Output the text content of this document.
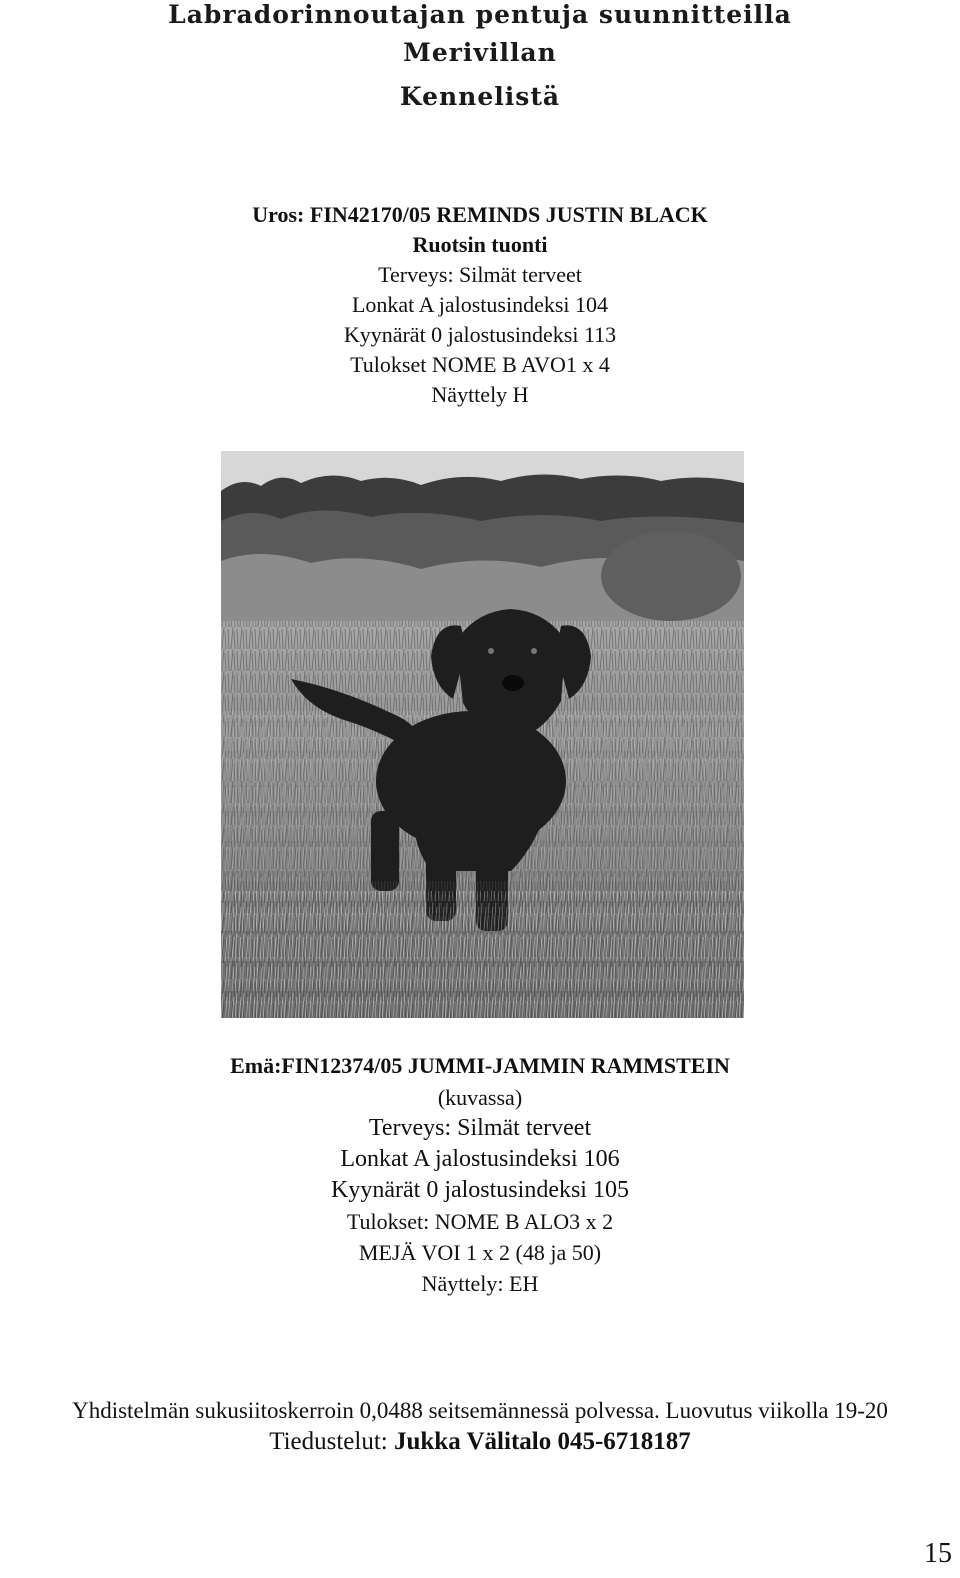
Labradorinnoutajan pentuja suunnitteilla
Merivillan
Kennelistä
Uros: FIN42170/05 REMINDS JUSTIN BLACK
Ruotsin tuonti
Terveys: Silmät terveet
Lonkat A jalostusindeksi 104
Kyynärät 0 jalostusindeksi 113
Tulokset NOME B AVO1 x 4
Näyttely H
Emä:FIN12374/05 JUMMI-JAMMIN RAMMSTEIN
(kuvassa)
Terveys: Silmät terveet
Lonkat A jalostusindeksi 106
Kyynärät 0 jalostusindeksi 105
Tulokset: NOME B ALO3 x 2
MEJÄ VOI 1 x 2 (48 ja 50)
Näyttely: EH
Yhdistelmän sukusiitoskerroin 0,0488 seitsemännessä polvessa. Luovutus viikolla 19-20
Tiedustelut: Jukka Välitalo 045-6718187
15
